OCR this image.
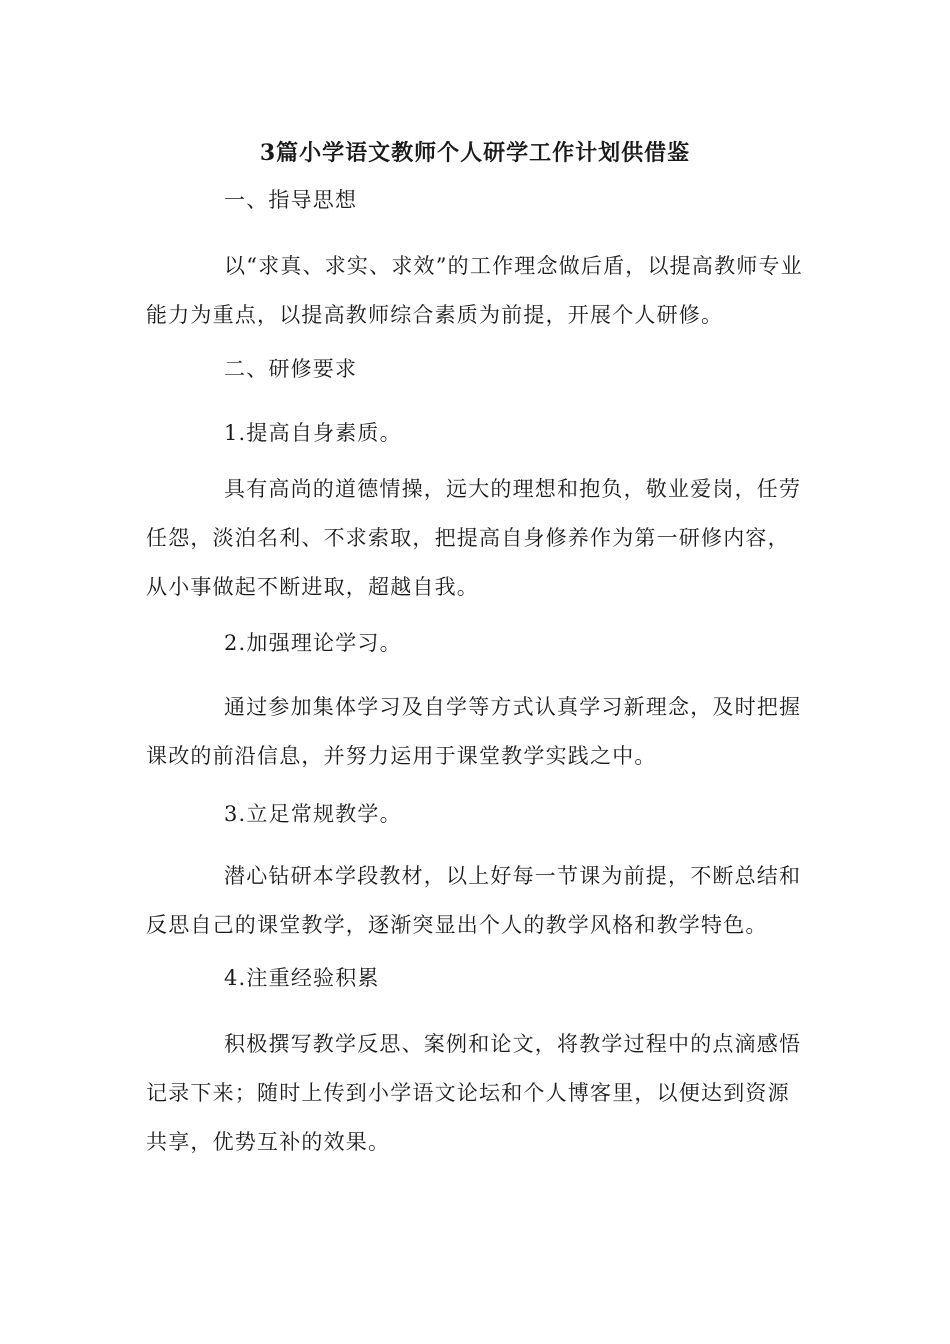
3篇小学语文教师个人研学工作计划供借鉴
一、指导思想
以“求真、求实、求效”的工作理念做后盾，以提高教师专业能力为重点，以提高教师综合素质为前提，开展个人研修。
二、研修要求
1.提高自身素质。
具有高尚的道德情操，远大的理想和抱负，敬业爱岗，任劳任怨，淡泊名利、不求索取，把提高自身修养作为第一研修内容，从小事做起不断进取，超越自我。
2.加强理论学习。
通过参加集体学习及自学等方式认真学习新理念，及时把握课改的前沿信息，并努力运用于课堂教学实践之中。
3.立足常规教学。
潜心钻研本学段教材，以上好每一节课为前提，不断总结和反思自己的课堂教学，逐渐突显出个人的教学风格和教学特色。
4.注重经验积累
积极撰写教学反思、案例和论文，将教学过程中的点滴感悟记录下来；随时上传到小学语文论坛和个人博客里，以便达到资源共享，优势互补的效果。
